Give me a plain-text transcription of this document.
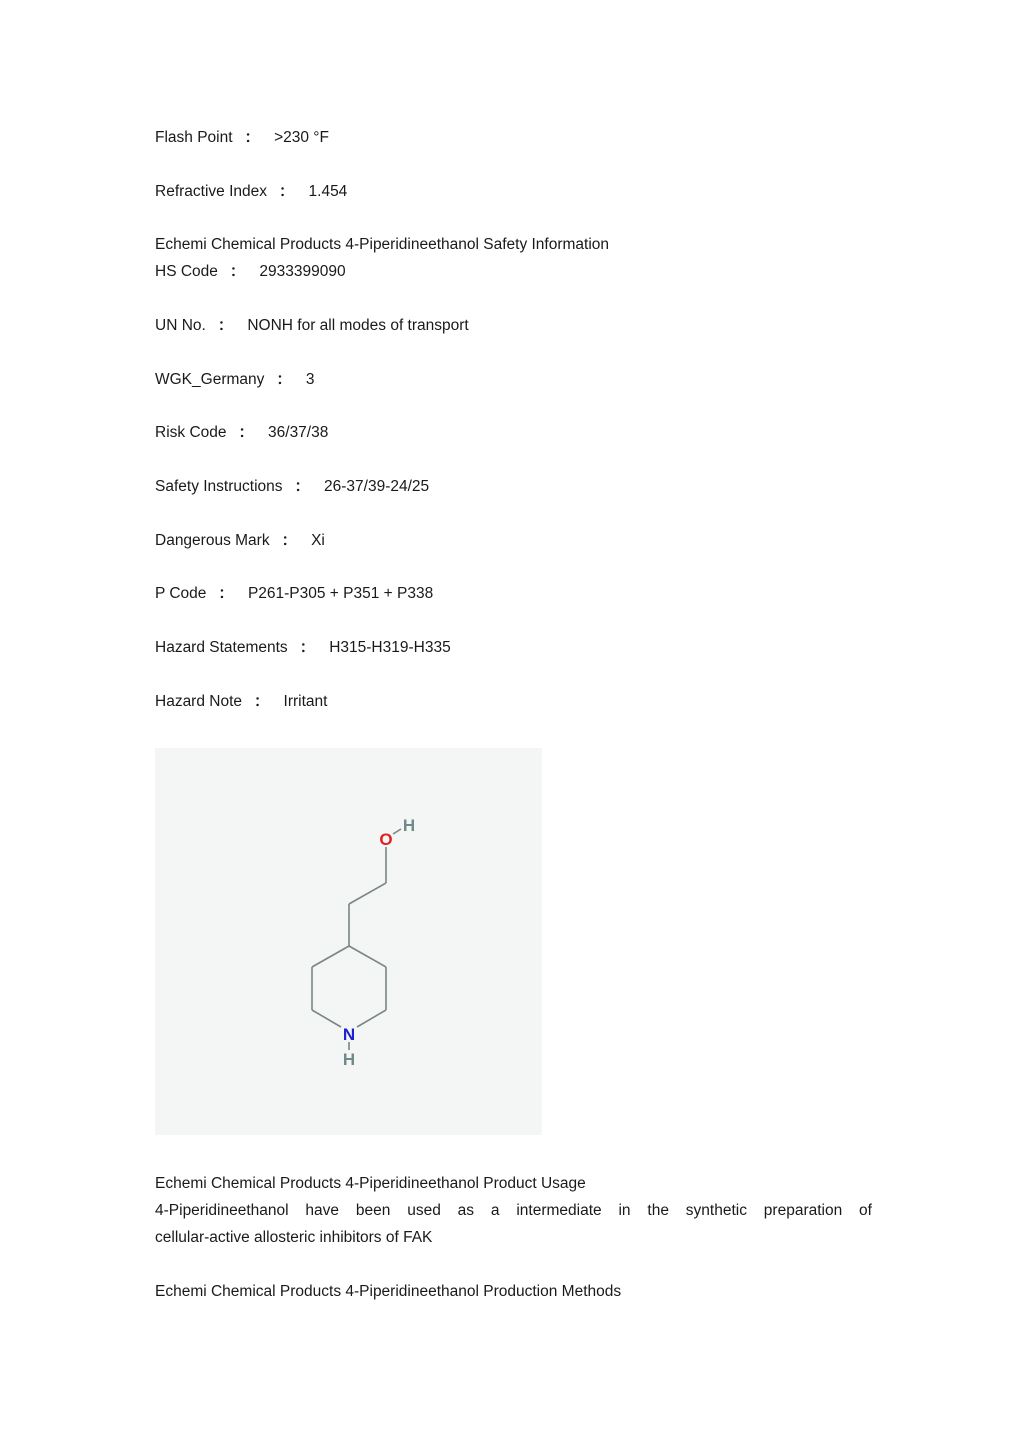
Flash Point ： >230 °F
Refractive Index ： 1.454
Echemi Chemical Products 4-Piperidineethanol Safety Information
HS Code ： 2933399090
UN No. ： NONH for all modes of transport
WGK_Germany ： 3
Risk Code ： 36/37/38
Safety Instructions ： 26-37/39-24/25
Dangerous Mark ： Xi
P Code ： P261-P305 + P351 + P338
Hazard Statements ： H315-H319-H335
Hazard Note ： Irritant
O
H
N
H
Echemi Chemical Products 4-Piperidineethanol Product Usage
4-Piperidineethanol have been used as a intermediate in the synthetic preparation of
cellular-active allosteric inhibitors of FAK
Echemi Chemical Products 4-Piperidineethanol Production Methods
